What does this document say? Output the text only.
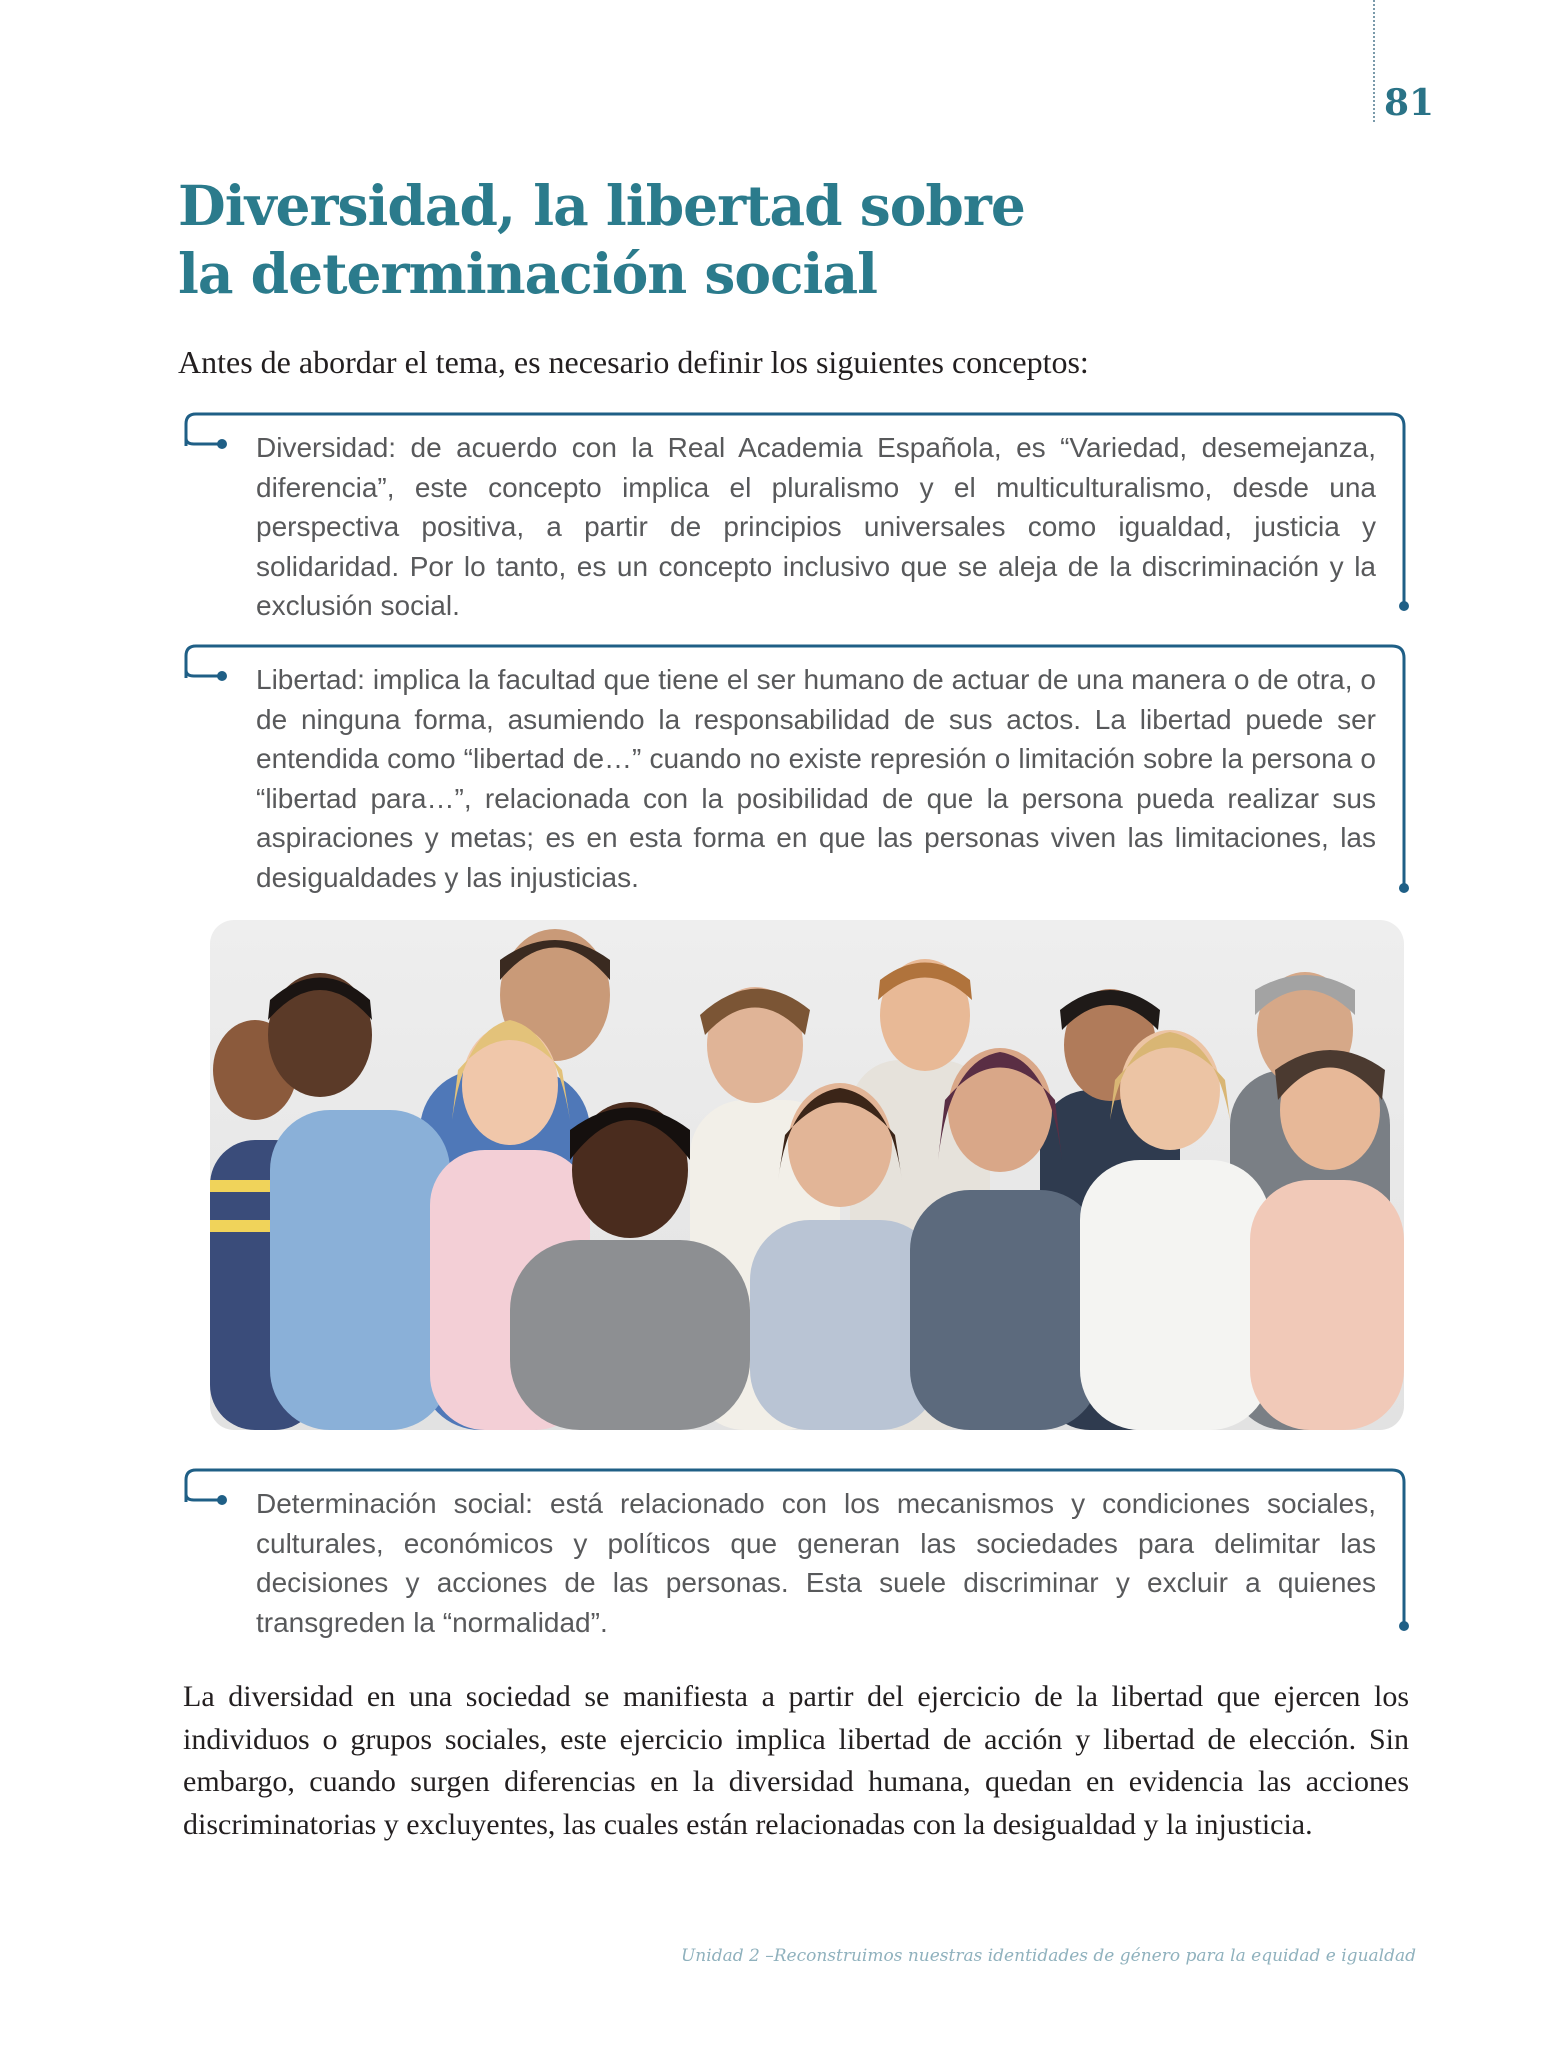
81
Diversidad, la libertad sobre
la determinación social

Antes de abordar el tema, es necesario definir los siguientes conceptos:

Diversidad: de acuerdo con la Real Academia Española, es “Variedad, desemejanza, diferencia”, este concepto implica el pluralismo y el multiculturalismo, desde una perspectiva positiva, a partir de principios universales como igualdad, justicia y solidaridad. Por lo tanto, es un concepto inclusivo que se aleja de la discriminación y la exclusión social.

Libertad: implica la facultad que tiene el ser humano de actuar de una manera o de otra, o de ninguna forma, asumiendo la responsabilidad de sus actos. La libertad puede ser entendida como “libertad de…” cuando no existe represión o limitación sobre la persona o “libertad para…”, relacionada con la posibilidad de que la persona pueda realizar sus aspiraciones y metas; es en esta forma en que las personas viven las limitaciones, las desigualdades y las injusticias.

Determinación social: está relacionado con los mecanismos y condiciones sociales, culturales, económicos y políticos que generan las sociedades para delimitar las decisiones y acciones de las personas. Esta suele discriminar y excluir a quienes transgreden la “normalidad”.

La diversidad en una sociedad se manifiesta a partir del ejercicio de la libertad que ejercen los individuos o grupos sociales, este ejercicio implica libertad de acción y libertad de elección. Sin embargo, cuando surgen diferencias en la diversidad humana, quedan en evidencia las acciones discriminatorias y excluyentes, las cuales están relacionadas con la desigualdad y la injusticia.

Unidad 2 –Reconstruimos nuestras identidades de género para la equidad e igualdad
